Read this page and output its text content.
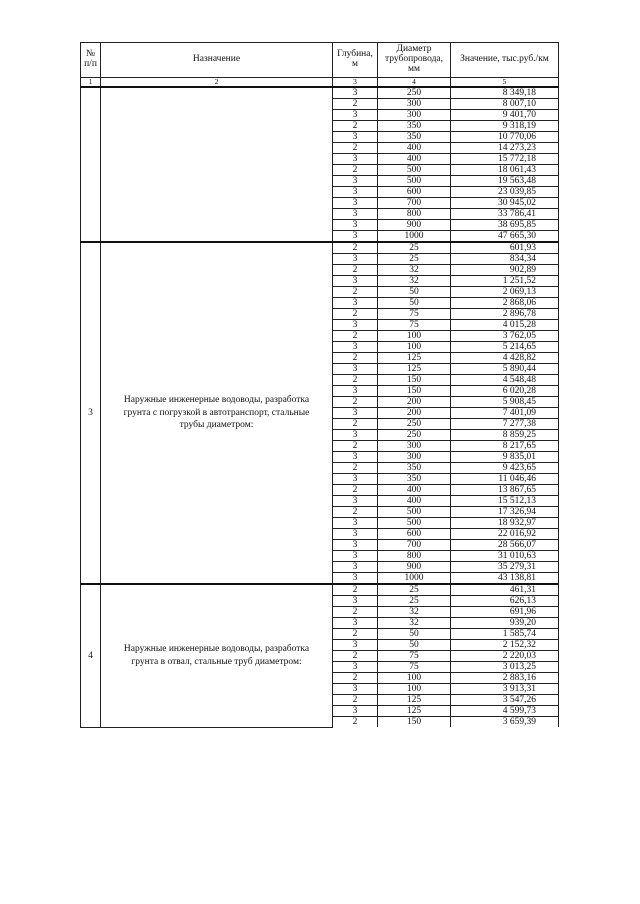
№ п/п	Назначение	Глубина, м	Диаметр трубопровода, мм	Значение, тыс.руб./км
1	2	3	4	5
		3	250	8 349,18
		2	300	8 007,10
		3	300	9 401,70
		2	350	9 318,19
		3	350	10 770,06
		2	400	14 273,23
		3	400	15 772,18
		2	500	18 061,43
		3	500	19 563,48
		3	600	23 039,85
		3	700	30 945,02
		3	800	33 786,41
		3	900	38 695,85
		3	1000	47 665,30
3	Наружные инженерные водоводы, разработка грунта с погрузкой в автотранспорт, стальные трубы диаметром:	2	25	601,93
		3	25	834,34
		2	32	902,89
		3	32	1 251,52
		2	50	2 069,13
		3	50	2 868,06
		2	75	2 896,78
		3	75	4 015,28
		2	100	3 762,05
		3	100	5 214,65
		2	125	4 428,82
		3	125	5 890,44
		2	150	4 548,48
		3	150	6 020,28
		2	200	5 908,45
		3	200	7 401,09
		2	250	7 277,38
		3	250	8 859,25
		2	300	8 217,65
		3	300	9 835,01
		2	350	9 423,65
		3	350	11 046,46
		2	400	13 867,65
		3	400	15 512,13
		2	500	17 326,94
		3	500	18 932,97
		3	600	22 016,92
		3	700	28 566,07
		3	800	31 010,63
		3	900	35 279,31
		3	1000	43 138,81
4	Наружные инженерные водоводы, разработка грунта в отвал, стальные труб диаметром:	2	25	461,31
		3	25	626,13
		2	32	691,96
		3	32	939,20
		2	50	1 585,74
		3	50	2 152,32
		2	75	2 220,03
		3	75	3 013,25
		2	100	2 883,16
		3	100	3 913,31
		2	125	3 547,26
		3	125	4 599,73
		2	150	3 659,39
